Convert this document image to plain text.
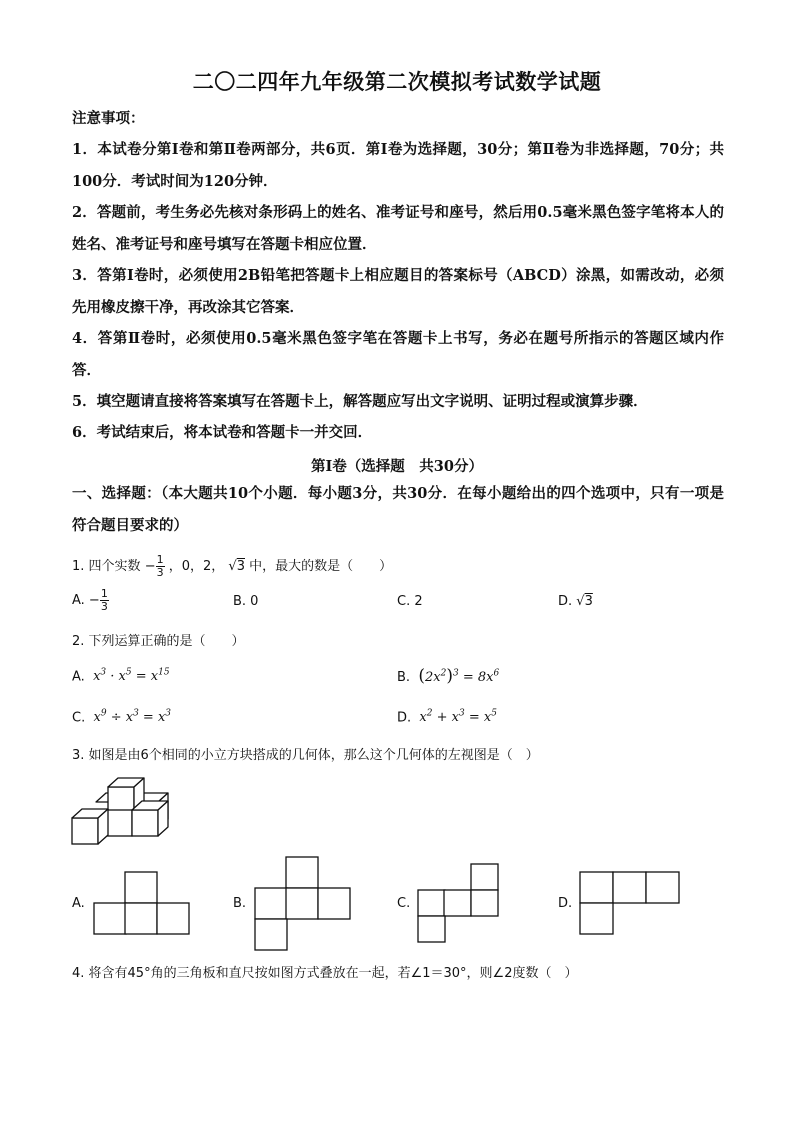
二〇二四年九年级第二次模拟考试数学试题
注意事项：
1．本试卷分第Ⅰ卷和第Ⅱ卷两部分，共6页．第Ⅰ卷为选择题，30分；第Ⅱ卷为非选择题，70分；共100分．考试时间为120分钟．
2．答题前，考生务必先核对条形码上的姓名、准考证号和座号，然后用0.5毫米黑色签字笔将本人的姓名、准考证号和座号填写在答题卡相应位置．
3．答第Ⅰ卷时，必须使用2B铅笔把答题卡上相应题目的答案标号（ABCD）涂黑，如需改动，必须先用橡皮擦干净，再改涂其它答案．
4．答第Ⅱ卷时，必须使用0.5毫米黑色签字笔在答题卡上书写，务必在题号所指示的答题区域内作答．
5．填空题请直接将答案填写在答题卡上，解答题应写出文字说明、证明过程或演算步骤．
6．考试结束后，将本试卷和答题卡一并交回．
第Ⅰ卷（选择题　共30分）
一、选择题：（本大题共10个小题．每小题3分，共30分．在每小题给出的四个选项中，只有一项是符合题目要求的）
1. 四个实数 − $\frac{1}{3}$ ，0，2， √3 中，最大的数是（　　）
A. − $\frac{1}{3}$	B. 0	C. 2	D. √3
2. 下列运算正确的是（　　）
A. $x^3 \cdot x^5 = x^{15}$	B. $(2x^2)^3 = 8x^6$
C. $x^9 \div x^3 = x^3$	D. $x^2 + x^3 = x^5$
3. 如图是由6个相同的小立方块搭成的几何体，那么这个几何体的左视图是（　）
A.	B.	C.	D.
4. 将含有45°角的三角板和直尺按如图方式叠放在一起，若∠1＝30°，则∠2度数（　）
